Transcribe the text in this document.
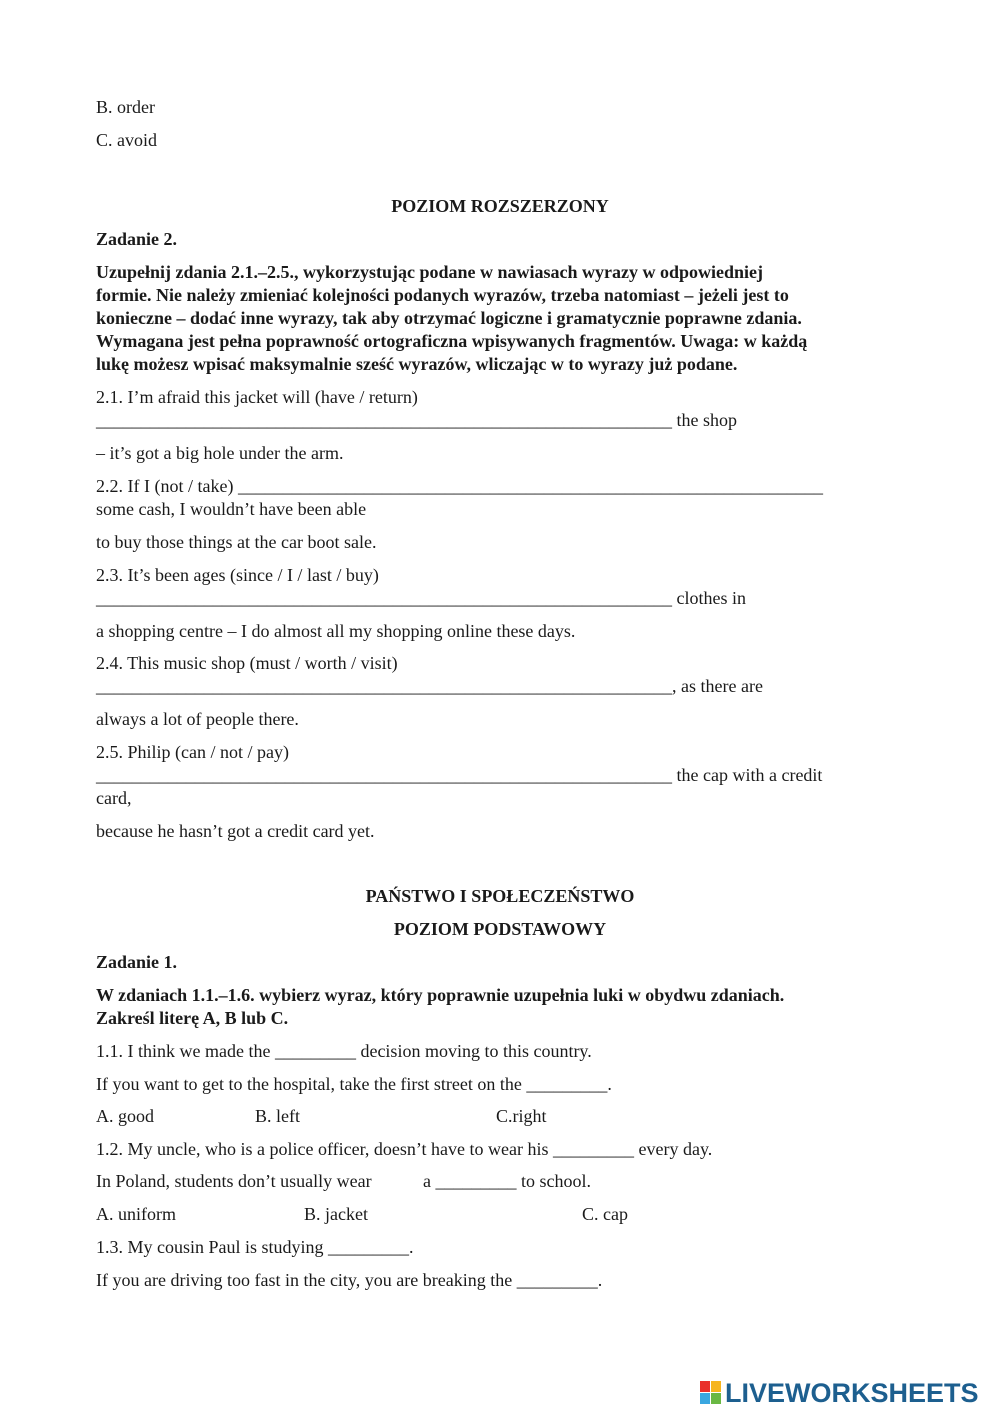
B. order
C. avoid
POZIOM ROZSZERZONY
Zadanie 2.
Uzupełnij zdania 2.1.–2.5., wykorzystując podane w nawiasach wyrazy w odpowiedniej
formie. Nie należy zmieniać kolejności podanych wyrazów, trzeba natomiast – jeżeli jest to
konieczne – dodać inne wyrazy, tak aby otrzymać logiczne i gramatycznie poprawne zdania.
Wymagana jest pełna poprawność ortograficzna wpisywanych fragmentów. Uwaga: w każdą
lukę możesz wpisać maksymalnie sześć wyrazów, wliczając w to wyrazy już podane.
2.1. I’m afraid this jacket will (have / return)
________________________________________________________________ the shop
– it’s got a big hole under the arm.
2.2. If I (not / take) _________________________________________________________________
some cash, I wouldn’t have been able
to buy those things at the car boot sale.
2.3. It’s been ages (since / I / last / buy)
________________________________________________________________ clothes in
a shopping centre – I do almost all my shopping online these days.
2.4. This music shop (must / worth / visit)
________________________________________________________________, as there are
always a lot of people there.
2.5. Philip (can / not / pay)
________________________________________________________________ the cap with a credit
card,
because he hasn’t got a credit card yet.
PAŃSTWO I SPOŁECZEŃSTWO
POZIOM PODSTAWOWY
Zadanie 1.
W zdaniach 1.1.–1.6. wybierz wyraz, który poprawnie uzupełnia luki w obydwu zdaniach.
Zakreśl literę A, B lub C.
1.1. I think we made the _________ decision moving to this country.
If you want to get to the hospital, take the first street on the _________.
A. good	B. left	C.right
1.2. My uncle, who is a police officer, doesn’t have to wear his _________ every day.
In Poland, students don’t usually wear	a _________ to school.
A. uniform	B. jacket	C. cap
1.3. My cousin Paul is studying _________.
If you are driving too fast in the city, you are breaking the _________.
LIVEWORKSHEETS
